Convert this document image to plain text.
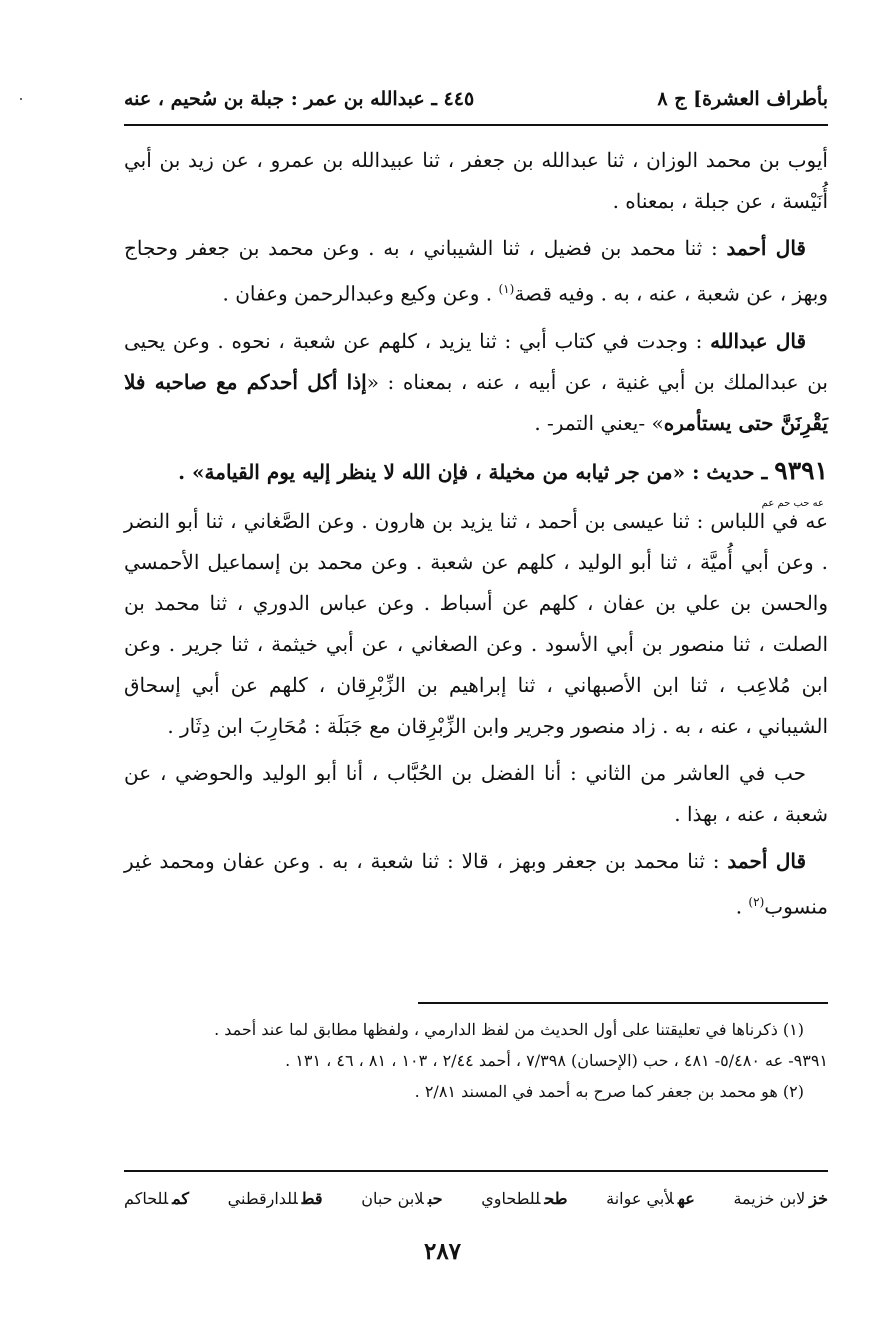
بأطراف العشرة] ج ٨
٤٤٥ ـ عبدالله بن عمر : جبلة بن سُحيم ، عنه

أيوب بن محمد الوزان ، ثنا عبدالله بن جعفر ، ثنا عبيدالله بن عمرو ، عن زيد بن أبي أُنَيْسة ، عن جبلة ، بمعناه .

قال أحمد : ثنا محمد بن فضيل ، ثنا الشيباني ، به . وعن محمد بن جعفر وحجاج وبهز ، عن شعبة ، عنه ، به . وفيه قصة$^{(١)}$ . وعن وكيع وعبدالرحمن وعفان .

قال عبدالله : وجدت في كتاب أبي : ثنا يزيد ، كلهم عن شعبة ، نحوه . وعن يحيى بن عبدالملك بن أبي غنية ، عن أبيه ، عنه ، بمعناه : «إذا أكل أحدكم مع صاحبه فلا يَقْرِنَنَّ حتى يستأمره» -يعني التمر- .

٩٣٩١ ـ حديث : «من جر ثيابه من مخيلة ، فإن الله لا ينظر إليه يوم القيامة» .

عه حب حم عم
عه في اللباس : ثنا عيسى بن أحمد ، ثنا يزيد بن هارون . وعن الصَّغاني ، ثنا أبو النضر . وعن أبي أُميَّة ، ثنا أبو الوليد ، كلهم عن شعبة . وعن محمد بن إسماعيل الأحمسي والحسن بن علي بن عفان ، كلهم عن أسباط . وعن عباس الدوري ، ثنا محمد بن الصلت ، ثنا منصور بن أبي الأسود . وعن الصغاني ، عن أبي خيثمة ، ثنا جرير . وعن ابن مُلاعِب ، ثنا ابن الأصبهاني ، ثنا إبراهيم بن الزِّبْرِقان ، كلهم عن أبي إسحاق الشيباني ، عنه ، به . زاد منصور وجرير وابن الزِّبْرِقان مع جَبَلَة : مُحَارِبَ ابن دِثَار .

حب في العاشر من الثاني : أنا الفضل بن الحُبَّاب ، أنا أبو الوليد والحوضي ، عن شعبة ، عنه ، بهذا .

قال أحمد : ثنا محمد بن جعفر وبهز ، قالا : ثنا شعبة ، به . وعن عفان ومحمد غير منسوب$^{(٢)}$ .

(١) ذكرناها في تعليقتنا على أول الحديث من لفظ الدارمي ، ولفظها مطابق لما عند أحمد .

٩٣٩١- عه ٥/٤٨٠- ٤٨١ ، حب (الإحسان) ٧/٣٩٨ ، أحمد ٢/٤٤ ، ١٠٣ ، ٨١ ، ٤٦ ، ١٣١ .

(٢) هو محمد بن جعفر كما صرح به أحمد في المسند ٢/٨١ .

خزلابن خزيمة
عهلأبي عوانة
طحللطحاوي
حبلابن حبان
قطللدارقطني
كمللحاكم
٢٨٧
